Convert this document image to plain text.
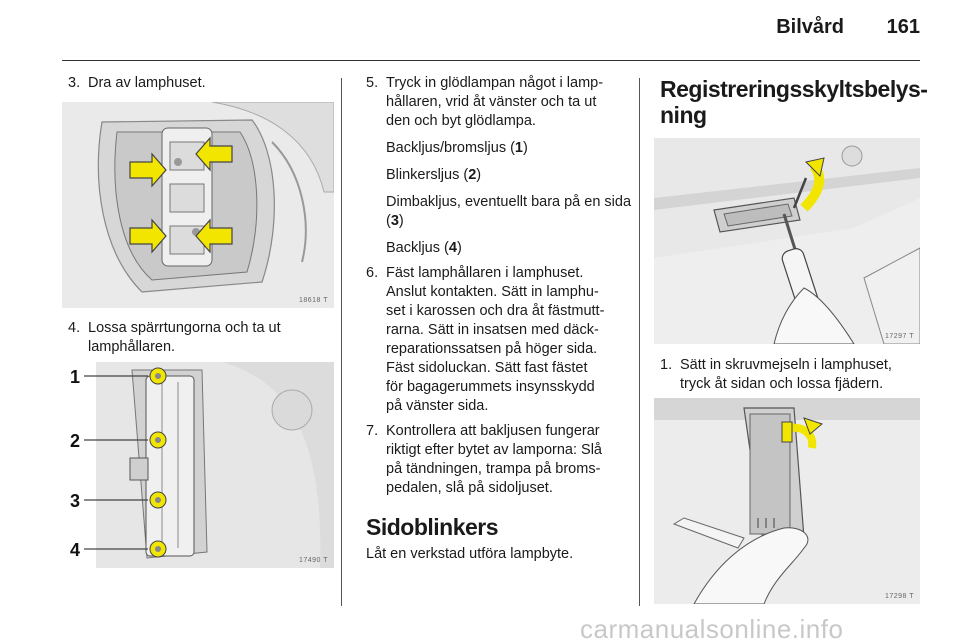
Bilvård 161
3. Dra av lamphuset.
18618 T
4. Lossa spärrtungorna och ta ut
lamphållaren.
1
2
3
4
17490 T
5. Tryck in glödlampan något i lamp-
hållaren, vrid åt vänster och ta ut
den och byt glödlampa.
Backljus/bromsljus (1)
Blinkersljus (2)
Dimbakljus, eventuellt bara på en sida (3)
Backljus (4)
6. Fäst lamphållaren i lamphuset.
Anslut kontakten. Sätt in lamphu-
set i karossen och dra åt fästmutt-
rarna. Sätt in insatsen med däck-
reparationssatsen på höger sida.
Fäst sidoluckan. Sätt fast fästet
för bagagerummets insynsskydd
på vänster sida.
7. Kontrollera att bakljusen fungerar
riktigt efter bytet av lamporna: Slå
på tändningen, trampa på broms-
pedalen, slå på sidoljuset.
Sidoblinkers
Låt en verkstad utföra lampbyte.
Registreringsskyltsbelys-
ning
17297 T
1. Sätt in skruvmejseln i lamphuset,
tryck åt sidan och lossa fjädern.
17298 T
carmanualsonline.info
